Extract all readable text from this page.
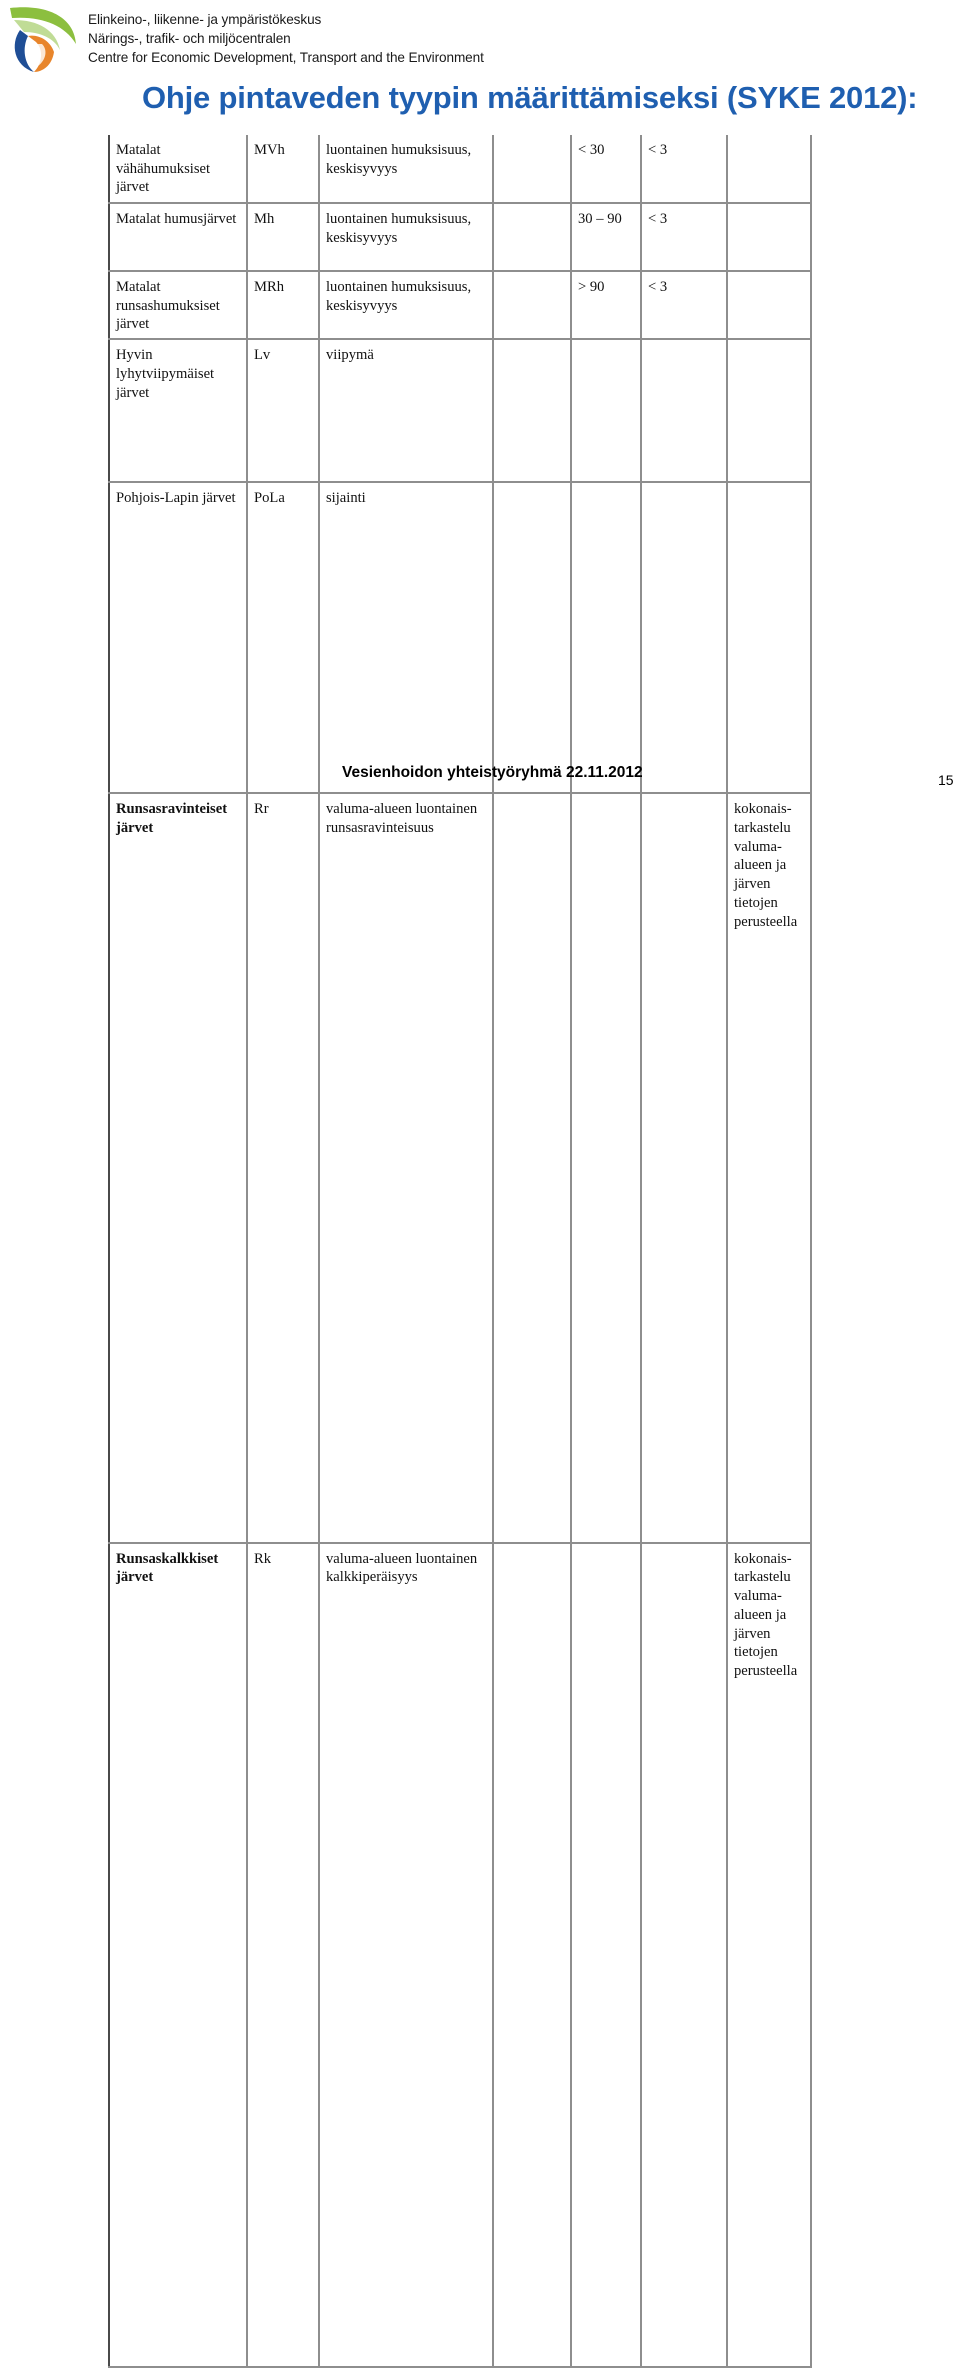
Elinkeino-, liikenne- ja ympäristökeskus
Närings-, trafik- och miljöcentralen
Centre for Economic Development, Transport and the Environment
Ohje pintaveden tyypin määrittämiseksi (SYKE 2012):
Matalat vähähumuksiset järvet	MVh	luontainen humuksisuus, keskisyvyys		< 30	< 3		
Matalat humusjärvet	Mh	luontainen humuksisuus, keskisyvyys		30 – 90	< 3		
Matalat runsashumuksiset järvet	MRh	luontainen humuksisuus, keskisyvyys		> 90	< 3		
Hyvin lyhytviipymäiset järvet	Lv	viipymä					
Pohjois-Lapin järvet	PoLa	sijainti					
Runsasravinteiset järvet	Rr	valuma-alueen luontainen runsasravinteisuus					kokonais-tarkastelu valuma-alueen ja järven tietojen perusteella
Runsaskalkkiset järvet	Rk	valuma-alueen luontainen kalkkiperäisyys					kokonais-tarkastelu valuma-alueen ja järven tietojen perusteella
Vesienhoidon yhteistyöryhmä 22.11.2012	15
